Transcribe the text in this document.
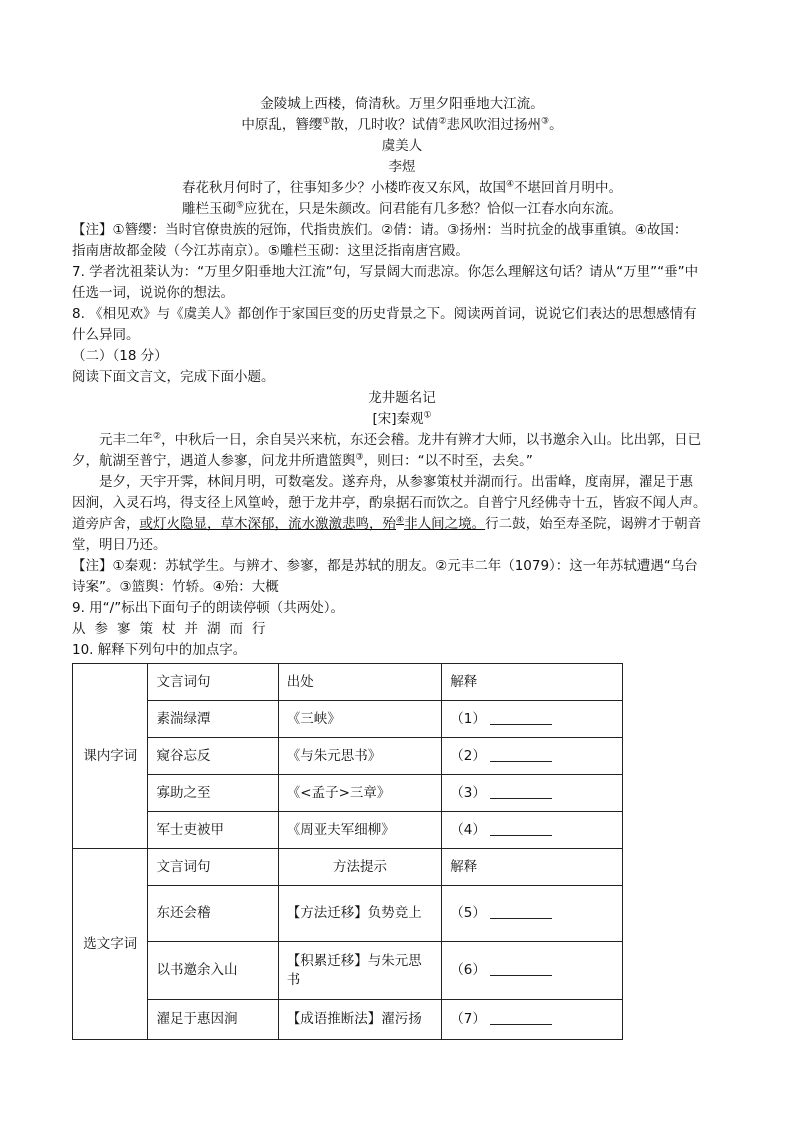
金陵城上西楼，倚清秋。万里夕阳垂地大江流。
中原乱，簪缨①散，几时收？试倩②悲风吹泪过扬州③。
虞美人
李煜
春花秋月何时了，往事知多少？小楼昨夜又东风，故国④不堪回首月明中。
雕栏玉砌⑤应犹在，只是朱颜改。问君能有几多愁？恰似一江春水向东流。
【注】①簪缨：当时官僚贵族的冠饰，代指贵族们。②倩：请。③扬州：当时抗金的战事重镇。④故国：
指南唐故都金陵（今江苏南京）。⑤雕栏玉砌：这里泛指南唐宫殿。
7. 学者沈祖棻认为：“万里夕阳垂地大江流”句，写景阔大而悲凉。你怎么理解这句话？请从“万里”“垂”中
任选一词，说说你的想法。
8. 《相见欢》与《虞美人》都创作于家国巨变的历史背景之下。阅读两首词，说说它们表达的思想感情有
什么异同。
（二）（18 分）
阅读下面文言文，完成下面小题。
龙井题名记
[宋]秦观①
元丰二年②，中秋后一日，余自吴兴来杭，东还会稽。龙井有辨才大师，以书邀余入山。比出郭，日已
夕，航湖至普宁，遇道人参寥，问龙井所遣篮舆③，则曰：“以不时至，去矣。”
是夕，天宇开霁，林间月明，可数毫发。遂弃舟，从参寥策杖并湖而行。出雷峰，度南屏，濯足于惠
因涧，入灵石坞，得支径上风篁岭，憩于龙井亭，酌泉据石而饮之。自普宁凡经佛寺十五，皆寂不闻人声。
道旁庐舍，或灯火隐显，草木深郁，流水激激悲鸣，殆④非人间之境。行二鼓，始至寿圣院，谒辨才于朝音
堂，明日乃还。
【注】①秦观：苏轼学生。与辨才、参寥，都是苏轼的朋友。②元丰二年（1079）：这一年苏轼遭遇“乌台
诗案”。③篮舆：竹轿。④殆：大概
9. 用“/”标出下面句子的朗读停顿（共两处）。
从参寥策杖并湖而行
10. 解释下列句中的加点字。
课内字词	文言词句	出处	解释
	素湍绿潭	《三峡》	（1）
	窥谷忘反	《与朱元思书》	（2）
	寡助之至	《<孟子>三章》	（3）
	军士吏被甲	《周亚夫军细柳》	（4）
选文字词	文言词句	方法提示	解释
	东还会稽	【方法迁移】负势竞上	（5）
	以书邀余入山	【积累迁移】与朱元思书	（6）
	濯足于惠因涧	【成语推断法】濯污扬	（7）
